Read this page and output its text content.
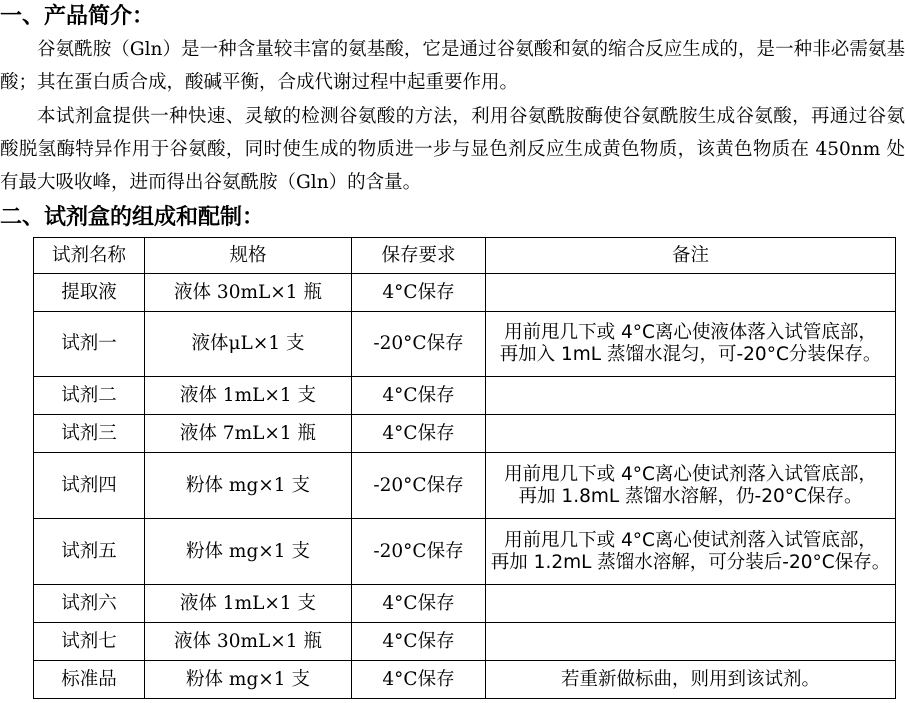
一、产品简介：
谷氨酰胺（Gln）是一种含量较丰富的氨基酸，它是通过谷氨酸和氨的缩合反应生成的，是一种非必需氨基酸；其在蛋白质合成，酸碱平衡，合成代谢过程中起重要作用。
本试剂盒提供一种快速、灵敏的检测谷氨酸的方法，利用谷氨酰胺酶使谷氨酰胺生成谷氨酸，再通过谷氨酸脱氢酶特异作用于谷氨酸，同时使生成的物质进一步与显色剂反应生成黄色物质，该黄色物质在 450nm 处有最大吸收峰，进而得出谷氨酰胺（Gln）的含量。
二、试剂盒的组成和配制：
试剂名称	规格	保存要求	备注
提取液	液体 30mL×1 瓶	4°C保存	
试剂一	液体μL×1 支	-20°C保存	用前甩几下或 4°C离心使液体落入试管底部，
再加入 1mL 蒸馏水混匀，可-20°C分装保存。

试剂二	液体 1mL×1 支	4°C保存	
试剂三	液体 7mL×1 瓶	4°C保存	
试剂四	粉体 mg×1 支	-20°C保存	用前甩几下或 4°C离心使试剂落入试管底部，
再加 1.8mL 蒸馏水溶解，仍-20°C保存。

试剂五	粉体 mg×1 支	-20°C保存	用前甩几下或 4°C离心使试剂落入试管底部，
再加 1.2mL 蒸馏水溶解，可分装后-20°C保存。

试剂六	液体 1mL×1 支	4°C保存	
试剂七	液体 30mL×1 瓶	4°C保存	
标准品	粉体 mg×1 支	4°C保存	若重新做标曲，则用到该试剂。
